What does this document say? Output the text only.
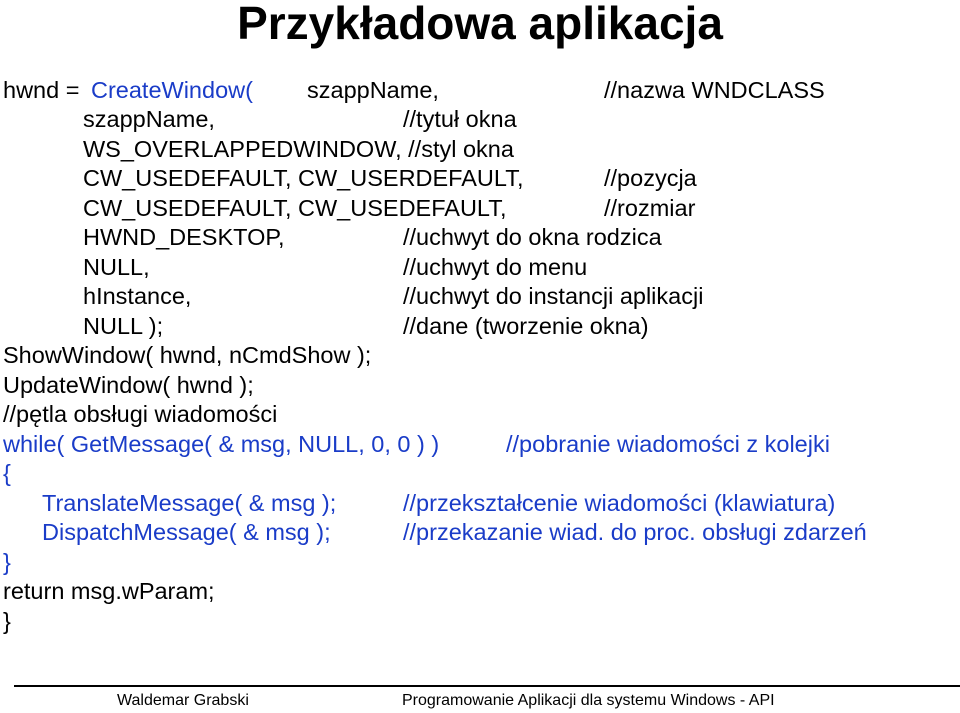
Przykładowa aplikacja
hwnd = CreateWindow( szappName,	//nazwa WNDCLASS
szappName,	//tytuł okna
WS_OVERLAPPEDWINDOW, //styl okna
CW_USEDEFAULT, CW_USERDEFAULT,	//pozycja
CW_USEDEFAULT, CW_USEDEFAULT,	//rozmiar
HWND_DESKTOP,	//uchwyt do okna rodzica
NULL,	//uchwyt do menu
hInstance,	//uchwyt do instancji aplikacji
NULL );	//dane (tworzenie okna)
ShowWindow( hwnd, nCmdShow );
UpdateWindow( hwnd );
//pętla obsługi wiadomości
while( GetMessage( & msg, NULL, 0, 0 ) )	//pobranie wiadomości z kolejki
{
TranslateMessage( & msg );	//przekształcenie wiadomości (klawiatura)
DispatchMessage( & msg );	//przekazanie wiad. do proc. obsługi zdarzeń
}
return msg.wParam;
}
Waldemar Grabski	Programowanie Aplikacji dla systemu Windows - API
